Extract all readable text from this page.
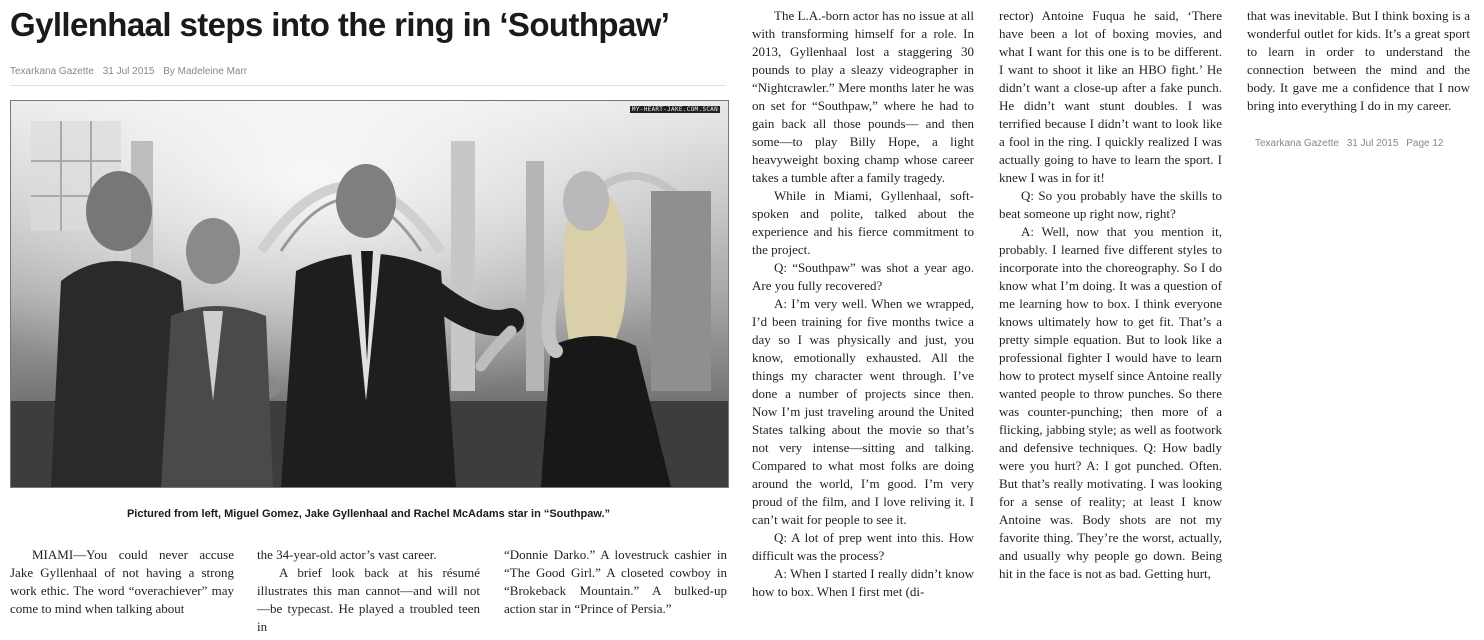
Gyllenhaal steps into the ring in ‘Southpaw’
Texarkana Gazette 31 Jul 2015 By Madeleine Marr
MY-HEART-JAKE.COM.SCAN
Pictured from left, Miguel Gomez, Jake Gyllenhaal and Rachel McAdams star in “Southpaw.”

MIAMI—You could never accuse Jake Gyllenhaal of not having a strong work ethic. The word “overachiever” may come to mind when talking about

the 34-year-old actor’s vast career.

A brief look back at his résumé illustrates this man cannot—and will not—be typecast. He played a troubled teen in

“Donnie Darko.” A lovestruck cashier in “The Good Girl.” A closeted cowboy in “Brokeback Mountain.” A bulked-up action star in “Prince of Persia.”

The L.A.-born actor has no issue at all with transforming himself for a role. In 2013, Gyllenhaal lost a staggering 30 pounds to play a sleazy videographer in “Nightcrawler.” Mere months later he was on set for “Southpaw,” where he had to gain back all those pounds— and then some—to play Billy Hope, a light heavyweight boxing champ whose career takes a tumble after a family tragedy.

While in Miami, Gyllenhaal, soft-spoken and polite, talked about the experience and his fierce commitment to the project.

Q: “Southpaw” was shot a year ago. Are you fully recovered?

A: I’m very well. When we wrapped, I’d been training for five months twice a day so I was physically and just, you know, emotionally exhausted. All the things my character went through. I’ve done a number of projects since then. Now I’m just traveling around the United States talking about the movie so that’s not very intense—sitting and talking. Compared to what most folks are doing around the world, I’m good. I’m very proud of the film, and I love reliving it. I can’t wait for people to see it.

Q: A lot of prep went into this. How difficult was the process?

A: When I started I really didn’t know how to box. When I first met (di-

rector) Antoine Fuqua he said, ‘There have been a lot of boxing movies, and what I want for this one is to be different. I want to shoot it like an HBO fight.’ He didn’t want a close-up after a fake punch. He didn’t want stunt doubles. I was terrified because I didn’t want to look like a fool in the ring. I quickly realized I was actually going to have to learn the sport. I knew I was in for it!

Q: So you probably have the skills to beat someone up right now, right?

A: Well, now that you mention it, probably. I learned five different styles to incorporate into the choreography. So I do know what I’m doing. It was a question of me learning how to box. I think everyone knows ultimately how to get fit. That’s a pretty simple equation. But to look like a professional fighter I would have to learn how to protect myself since Antoine really wanted people to throw punches. So there was counter-punching; then more of a flicking, jabbing style; as well as footwork and defensive techniques. Q: How badly were you hurt? A: I got punched. Often. But that’s really motivating. I was looking for a sense of reality; at least I know Antoine was. Body shots are not my favorite thing. They’re the worst, actually, and usually why people go down. Being hit in the face is not as bad. Getting hurt,

that was inevitable. But I think boxing is a wonderful outlet for kids. It’s a great sport to learn in order to understand the connection between the mind and the body. It gave me a confidence that I now bring into everything I do in my career.

Texarkana Gazette 31 Jul 2015 Page 12
